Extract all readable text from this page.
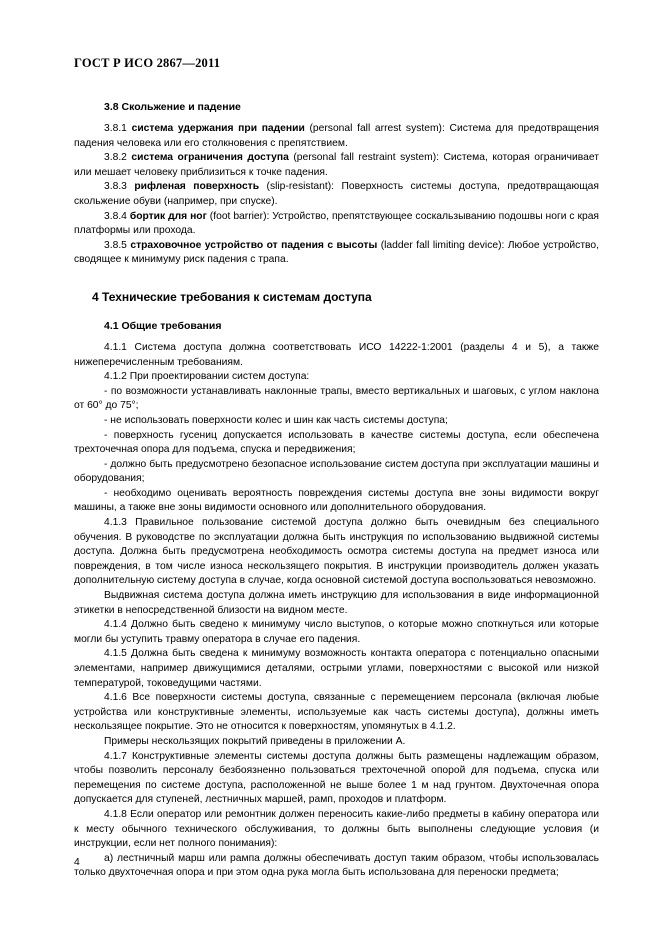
ГОСТ Р ИСО 2867—2011
3.8 Скольжение и падение

3.8.1 система удержания при падении (personal fall arrest system): Система для предотвращения падения человека или его столкновения с препятствием.

3.8.2 система ограничения доступа (personal fall restraint system): Система, которая ограничивает или мешает человеку приблизиться к точке падения.

3.8.3 рифленая поверхность (slip-resistant): Поверхность системы доступа, предотвращающая скольжение обуви (например, при спуске).

3.8.4 бортик для ног (foot barrier): Устройство, препятствующее соскальзыванию подошвы ноги с края платформы или прохода.

3.8.5 страховочное устройство от падения с высоты (ladder fall limiting device): Любое устройство, сводящее к минимуму риск падения с трапа.

4 Технические требования к системам доступа
4.1 Общие требования

4.1.1 Система доступа должна соответствовать ИСО 14222-1:2001 (разделы 4 и 5), а также нижеперечисленным требованиям.

4.1.2 При проектировании систем доступа:

- по возможности устанавливать наклонные трапы, вместо вертикальных и шаговых, с углом наклона от 60° до 75°;

- не использовать поверхности колес и шин как часть системы доступа;

- поверхность гусениц допускается использовать в качестве системы доступа, если обеспечена трехточечная опора для подъема, спуска и передвижения;

- должно быть предусмотрено безопасное использование систем доступа при эксплуатации машины и оборудования;

- необходимо оценивать вероятность повреждения системы доступа вне зоны видимости вокруг машины, а также вне зоны видимости основного или дополнительного оборудования.

4.1.3 Правильное пользование системой доступа должно быть очевидным без специального обучения. В руководстве по эксплуатации должна быть инструкция по использованию выдвижной системы доступа. Должна быть предусмотрена необходимость осмотра системы доступа на предмет износа или повреждения, в том числе износа нескользящего покрытия. В инструкции производитель должен указать дополнительную систему доступа в случае, когда основной системой доступа воспользоваться невозможно.

Выдвижная система доступа должна иметь инструкцию для использования в виде информационной этикетки в непосредственной близости на видном месте.

4.1.4 Должно быть сведено к минимуму число выступов, о которые можно споткнуться или которые могли бы уступить травму оператора в случае его падения.

4.1.5 Должна быть сведена к минимуму возможность контакта оператора с потенциально опасными элементами, например движущимися деталями, острыми углами, поверхностями с высокой или низкой температурой, токоведущими частями.

4.1.6 Все поверхности системы доступа, связанные с перемещением персонала (включая любые устройства или конструктивные элементы, используемые как часть системы доступа), должны иметь нескользящее покрытие. Это не относится к поверхностям, упомянутых в 4.1.2.

Примеры нескользящих покрытий приведены в приложении А.

4.1.7 Конструктивные элементы системы доступа должны быть размещены надлежащим образом, чтобы позволить персоналу безбоязненно пользоваться трехточечной опорой для подъема, спуска или перемещения по системе доступа, расположенной не выше более 1 м над грунтом. Двухточечная опора допускается для ступеней, лестничных маршей, рамп, проходов и платформ.

4.1.8 Если оператор или ремонтник должен переносить какие-либо предметы в кабину оператора или к месту обычного технического обслуживания, то должны быть выполнены следующие условия (и инструкции, если нет полного понимания):

а) лестничный марш или рампа должны обеспечивать доступ таким образом, чтобы использовалась только двухточечная опора и при этом одна рука могла быть использована для переноски предмета;

4
